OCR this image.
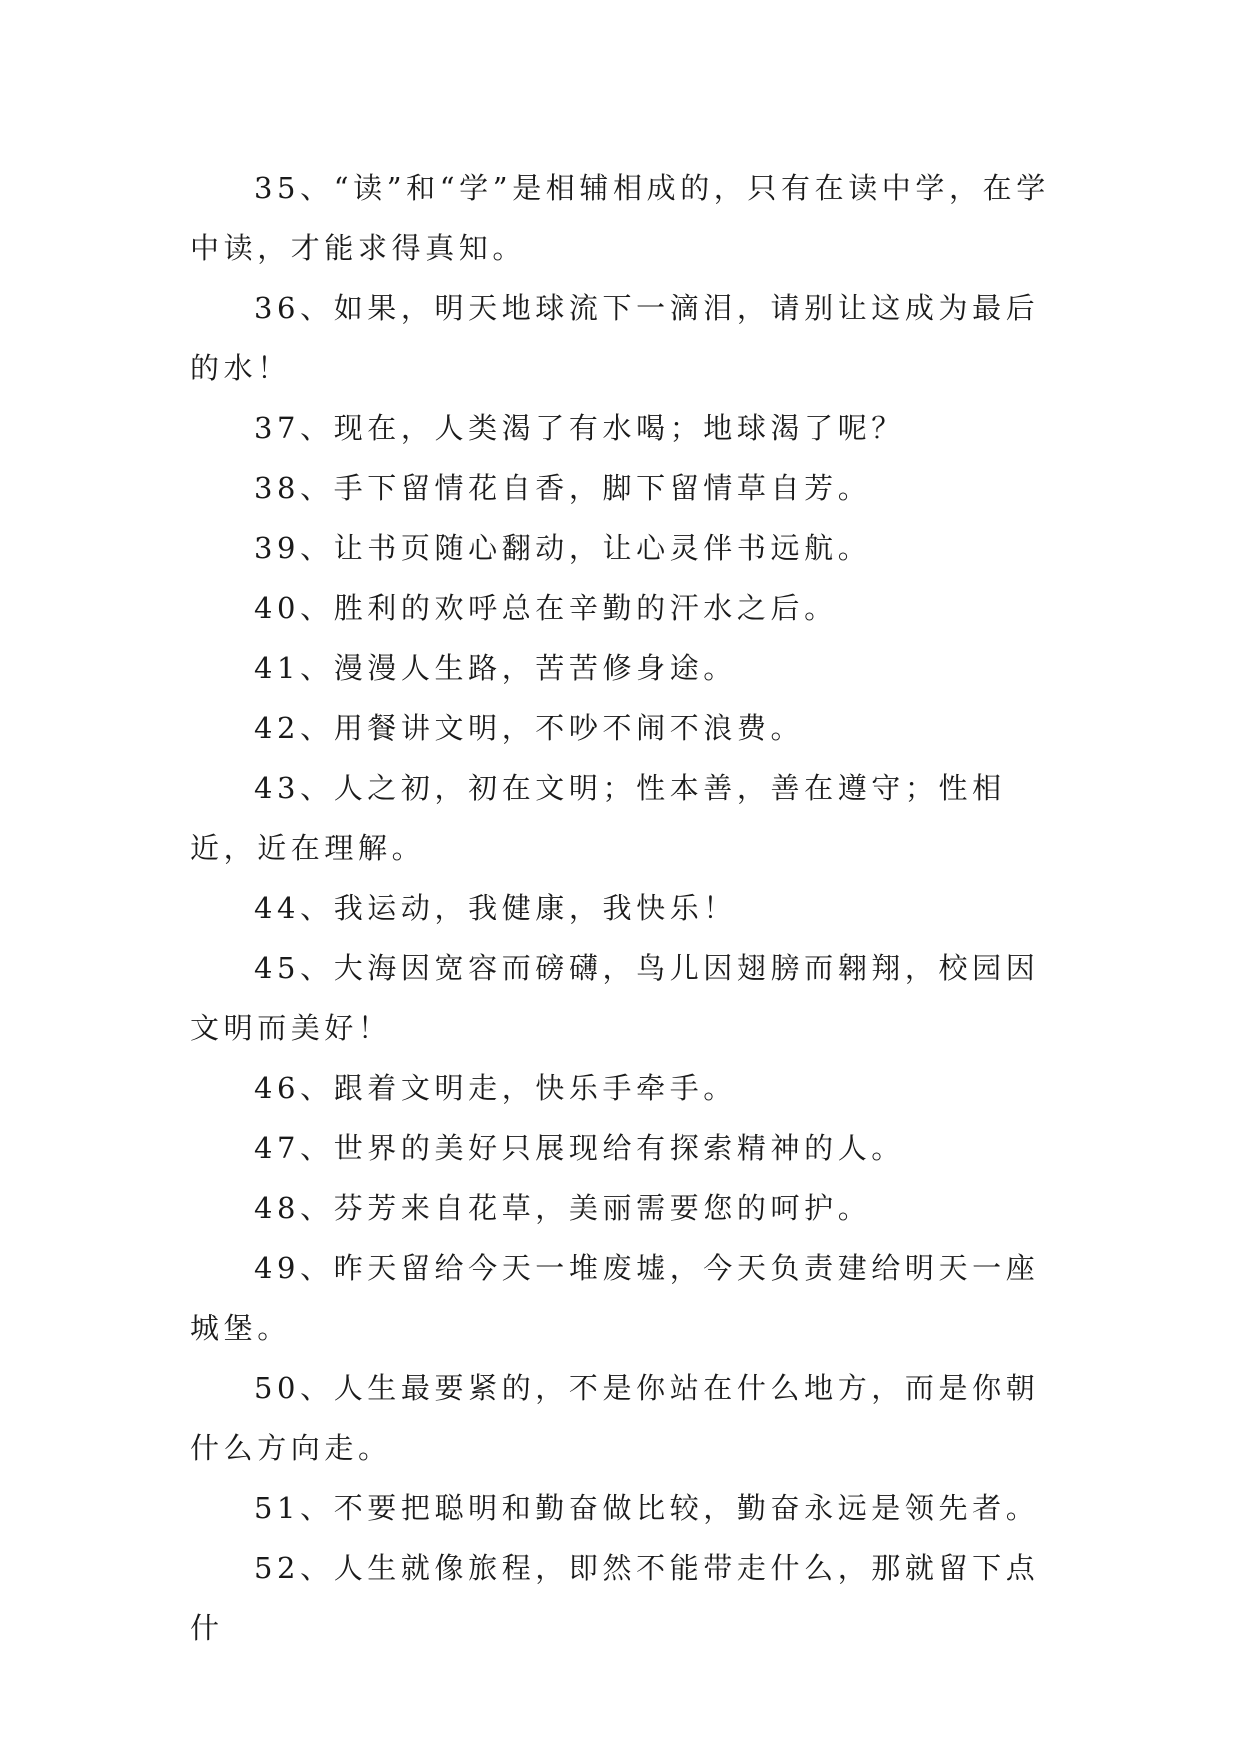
35、“读”和“学”是相辅相成的，只有在读中学，在学中读，才能求得真知。

36、如果，明天地球流下一滴泪，请别让这成为最后的水！

37、现在，人类渴了有水喝；地球渴了呢？

38、手下留情花自香，脚下留情草自芳。

39、让书页随心翻动，让心灵伴书远航。

40、胜利的欢呼总在辛勤的汗水之后。

41、漫漫人生路，苦苦修身途。

42、用餐讲文明，不吵不闹不浪费。

43、人之初，初在文明；性本善，善在遵守；性相近，近在理解。

44、我运动，我健康，我快乐！

45、大海因宽容而磅礴，鸟儿因翅膀而翱翔，校园因文明而美好！

46、跟着文明走，快乐手牵手。

47、世界的美好只展现给有探索精神的人。

48、芬芳来自花草，美丽需要您的呵护。

49、昨天留给今天一堆废墟，今天负责建给明天一座城堡。

50、人生最要紧的，不是你站在什么地方，而是你朝什么方向走。

51、不要把聪明和勤奋做比较，勤奋永远是领先者。

52、人生就像旅程，即然不能带走什么，那就留下点什
